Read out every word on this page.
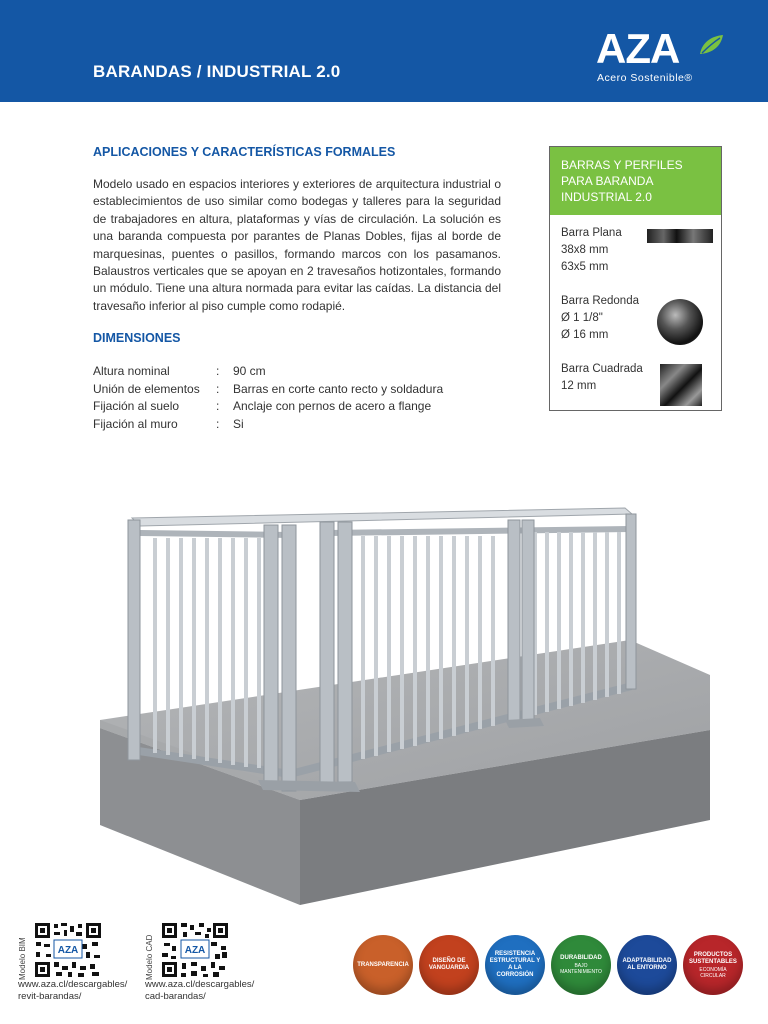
BARANDAS / INDUSTRIAL 2.0	AZA
Acero Sostenible®
APLICACIONES Y CARACTERÍSTICAS FORMALES

Modelo usado en espacios interiores y exteriores de arquitectura industrial o establecimientos de uso similar como bodegas y talleres para la seguridad de trabajadores en altura, plataformas y vías de circulación. La solución es una baranda compuesta por parantes de Planas Dobles, fijas al borde de marquesinas, puentes o pasillos, formando marcos con los pasamanos. Balaustros verticales que se apoyan en 2 travesaños hotizontales, formando un módulo. Tiene una altura normada para evitar las caídas. La distancia del travesaño inferior al piso cumple como rodapié.

DIMENSIONES
Altura nominal	: 90 cm
Unión de elementos : Barras en corte canto recto y soldadura
Fijación al suelo	: Anclaje con pernos de acero a flange
Fijación al muro	: Si
BARRAS Y PERFILES PARA BARANDA INDUSTRIAL 2.0
Barra Plana
38x8 mm
63x5 mm
Barra Redonda
Ø 1 1/8"
Ø 16 mm
Barra Cuadrada
12 mm
Modelo BIM	AZA
www.aza.cl/descargables/
revit-barandas/
Modelo CAD	AZA
www.aza.cl/descargables/
cad-barandas/
TRANSPARENCIA
DISEÑO DE VANGUARDIA
RESISTENCIA ESTRUCTURAL Y A LA CORROSIÓN
DURABILIDAD
BAJO MANTENIMIENTO
ADAPTABILIDAD AL ENTORNO
PRODUCTOS SUSTENTABLES
ECONOMÍA CIRCULAR
